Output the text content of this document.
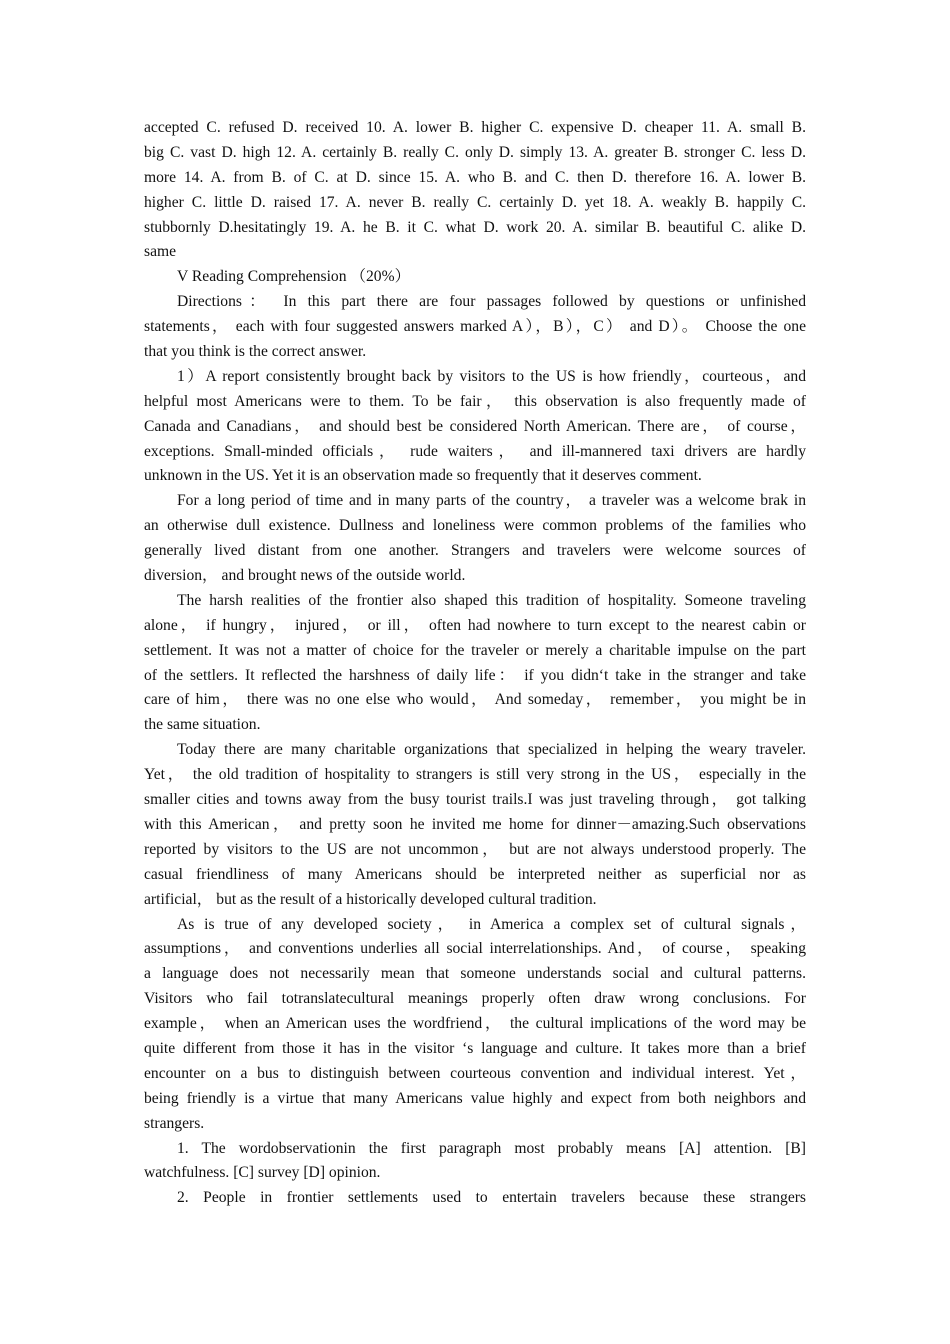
accepted C. refused D. received 10. A. lower B. higher C. expensive D. cheaper 11. A. small B.
big C. vast D. high 12. A. certainly B. really C. only D. simply 13. A. greater B. stronger C. less D.
more 14. A. from B. of C. at D. since 15. A. who B. and C. then D. therefore 16. A. lower B.
higher C. little D. raised 17. A. never B. really C. certainly D. yet 18. A. weakly B. happily C.
stubbornly D.hesitatingly 19. A. he B. it C. what D. work 20. A. similar B. beautiful C. alike D.
same
V Reading Comprehension （20%）
Directions： In this part there are four passages followed by questions or unfinished
statements， each with four suggested answers marked A），B），C） and D）。 Choose the one
that you think is the correct answer.
1）A report consistently brought back by visitors to the US is how friendly，courteous，and
helpful most Americans were to them. To be fair， this observation is also frequently made of
Canada and Canadians， and should best be considered North American. There are， of course，
exceptions. Small-minded officials， rude waiters， and ill-mannered taxi drivers are hardly
unknown in the US. Yet it is an observation made so frequently that it deserves comment.
For a long period of time and in many parts of the country， a traveler was a welcome brak in
an otherwise dull existence. Dullness and loneliness were common problems of the families who
generally lived distant from one another. Strangers and travelers were welcome sources of
diversion， and brought news of the outside world.
The harsh realities of the frontier also shaped this tradition of hospitality. Someone traveling
alone， if hungry， injured， or ill， often had nowhere to turn except to the nearest cabin or
settlement. It was not a matter of choice for the traveler or merely a charitable impulse on the part
of the settlers. It reflected the harshness of daily life： if you didn‘t take in the stranger and take
care of him， there was no one else who would， And someday， remember， you might be in
the same situation.
Today there are many charitable organizations that specialized in helping the weary traveler.
Yet， the old tradition of hospitality to strangers is still very strong in the US， especially in the
smaller cities and towns away from the busy tourist trails.I was just traveling through， got talking
with this American， and pretty soon he invited me home for dinner－amazing.Such observations
reported by visitors to the US are not uncommon， but are not always understood properly. The
casual friendliness of many Americans should be interpreted neither as superficial nor as
artificial， but as the result of a historically developed cultural tradition.
As is true of any developed society， in America a complex set of cultural signals，
assumptions， and conventions underlies all social interrelationships. And， of course， speaking
a language does not necessarily mean that someone understands social and cultural patterns.
Visitors who fail totranslatecultural meanings properly often draw wrong conclusions. For
example， when an American uses the wordfriend， the cultural implications of the word may be
quite different from those it has in the visitor ‘s language and culture. It takes more than a brief
encounter on a bus to distinguish between courteous convention and individual interest. Yet，
being friendly is a virtue that many Americans value highly and expect from both neighbors and
strangers.
1. The wordobservationin the first paragraph most probably means [A] attention. [B]
watchfulness. [C] survey [D] opinion.
2. People in frontier settlements used to entertain travelers because these strangers
